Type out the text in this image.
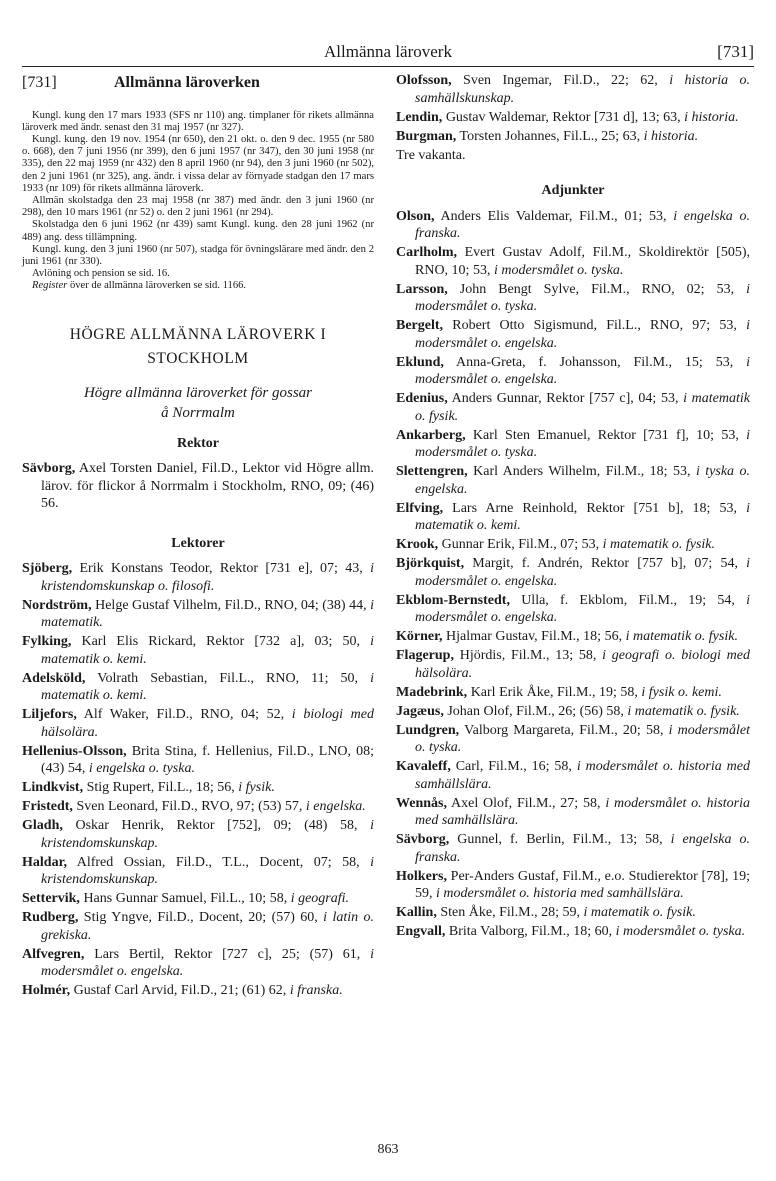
Allmänna läroverk	[731]
[731]	Allmänna läroverken

Kungl. kung den 17 mars 1933 (SFS nr 110) ang. timplaner för rikets allmänna läroverk med ändr. senast den 31 maj 1957 (nr 327).

Kungl. kung. den 19 nov. 1954 (nr 650), den 21 okt. o. den 9 dec. 1955 (nr 580 o. 668), den 7 juni 1956 (nr 399), den 6 juni 1957 (nr 347), den 30 juni 1958 (nr 335), den 22 maj 1959 (nr 432) den 8 april 1960 (nr 94), den 3 juni 1960 (nr 502), den 2 juni 1961 (nr 325), ang. ändr. i vissa delar av förnyade stadgan den 17 mars 1933 (nr 109) för rikets allmänna läroverk.

Allmän skolstadga den 23 maj 1958 (nr 387) med ändr. den 3 juni 1960 (nr 298), den 10 mars 1961 (nr 52) o. den 2 juni 1961 (nr 294).

Skolstadga den 6 juni 1962 (nr 439) samt Kungl. kung. den 28 juni 1962 (nr 489) ang. dess tillämpning.

Kungl. kung. den 3 juni 1960 (nr 507), stadga för övningslärare med ändr. den 2 juni 1961 (nr 330).

Avlöning och pension se sid. 16.

Register över de allmänna läroverken se sid. 1166.

HÖGRE ALLMÄNNA LÄROVERK I
STOCKHOLM
Högre allmänna läroverket för gossar
å Norrmalm
Rektor
Sävborg, Axel Torsten Daniel, Fil.D., Lektor vid Högre allm. lärov. för flickor å Norrmalm i Stockholm, RNO, 09; (46) 56.
Lektorer
Sjöberg, Erik Konstans Teodor, Rektor [731 e], 07; 43, i kristendomskunskap o. filosofi.
Nordström, Helge Gustaf Vilhelm, Fil.D., RNO, 04; (38) 44, i matematik.
Fylking, Karl Elis Rickard, Rektor [732 a], 03; 50, i matematik o. kemi.
Adelsköld, Volrath Sebastian, Fil.L., RNO, 11; 50, i matematik o. kemi.
Liljefors, Alf Waker, Fil.D., RNO, 04; 52, i biologi med hälsolära.
Hellenius-Olsson, Brita Stina, f. Hellenius, Fil.D., LNO, 08; (43) 54, i engelska o. tyska.
Lindkvist, Stig Rupert, Fil.L., 18; 56, i fysik.
Fristedt, Sven Leonard, Fil.D., RVO, 97; (53) 57, i engelska.
Gladh, Oskar Henrik, Rektor [752], 09; (48) 58, i kristendomskunskap.
Haldar, Alfred Ossian, Fil.D., T.L., Docent, 07; 58, i kristendomskunskap.
Settervik, Hans Gunnar Samuel, Fil.L., 10; 58, i geografi.
Rudberg, Stig Yngve, Fil.D., Docent, 20; (57) 60, i latin o. grekiska.
Alfvegren, Lars Bertil, Rektor [727 c], 25; (57) 61, i modersmålet o. engelska.
Holmér, Gustaf Carl Arvid, Fil.D., 21; (61) 62, i franska.
Olofsson, Sven Ingemar, Fil.D., 22; 62, i historia o. samhällskunskap.
Lendin, Gustav Waldemar, Rektor [731 d], 13; 63, i historia.
Burgman, Torsten Johannes, Fil.L., 25; 63, i historia.
Tre vakanta.
Adjunkter
Olson, Anders Elis Valdemar, Fil.M., 01; 53, i engelska o. franska.
Carlholm, Evert Gustav Adolf, Fil.M., Skoldirektör [505), RNO, 10; 53, i modersmålet o. tyska.
Larsson, John Bengt Sylve, Fil.M., RNO, 02; 53, i modersmålet o. tyska.
Bergelt, Robert Otto Sigismund, Fil.L., RNO, 97; 53, i modersmålet o. engelska.
Eklund, Anna-Greta, f. Johansson, Fil.M., 15; 53, i modersmålet o. engelska.
Edenius, Anders Gunnar, Rektor [757 c], 04; 53, i matematik o. fysik.
Ankarberg, Karl Sten Emanuel, Rektor [731 f], 10; 53, i modersmålet o. tyska.
Slettengren, Karl Anders Wilhelm, Fil.M., 18; 53, i tyska o. engelska.
Elfving, Lars Arne Reinhold, Rektor [751 b], 18; 53, i matematik o. kemi.
Krook, Gunnar Erik, Fil.M., 07; 53, i matematik o. fysik.
Björkquist, Margit, f. Andrén, Rektor [757 b], 07; 54, i modersmålet o. engelska.
Ekblom-Bernstedt, Ulla, f. Ekblom, Fil.M., 19; 54, i modersmålet o. engelska.
Körner, Hjalmar Gustav, Fil.M., 18; 56, i matematik o. fysik.
Flagerup, Hjördis, Fil.M., 13; 58, i geografi o. biologi med hälsolära.
Madebrink, Karl Erik Åke, Fil.M., 19; 58, i fysik o. kemi.
Jagæus, Johan Olof, Fil.M., 26; (56) 58, i matematik o. fysik.
Lundgren, Valborg Margareta, Fil.M., 20; 58, i modersmålet o. tyska.
Kavaleff, Carl, Fil.M., 16; 58, i modersmålet o. historia med samhällslära.
Wennås, Axel Olof, Fil.M., 27; 58, i modersmålet o. historia med samhällslära.
Sävborg, Gunnel, f. Berlin, Fil.M., 13; 58, i engelska o. franska.
Holkers, Per-Anders Gustaf, Fil.M., e.o. Studierektor [78], 19; 59, i modersmålet o. historia med samhällslära.
Kallin, Sten Åke, Fil.M., 28; 59, i matematik o. fysik.
Engvall, Brita Valborg, Fil.M., 18; 60, i modersmålet o. tyska.
863
